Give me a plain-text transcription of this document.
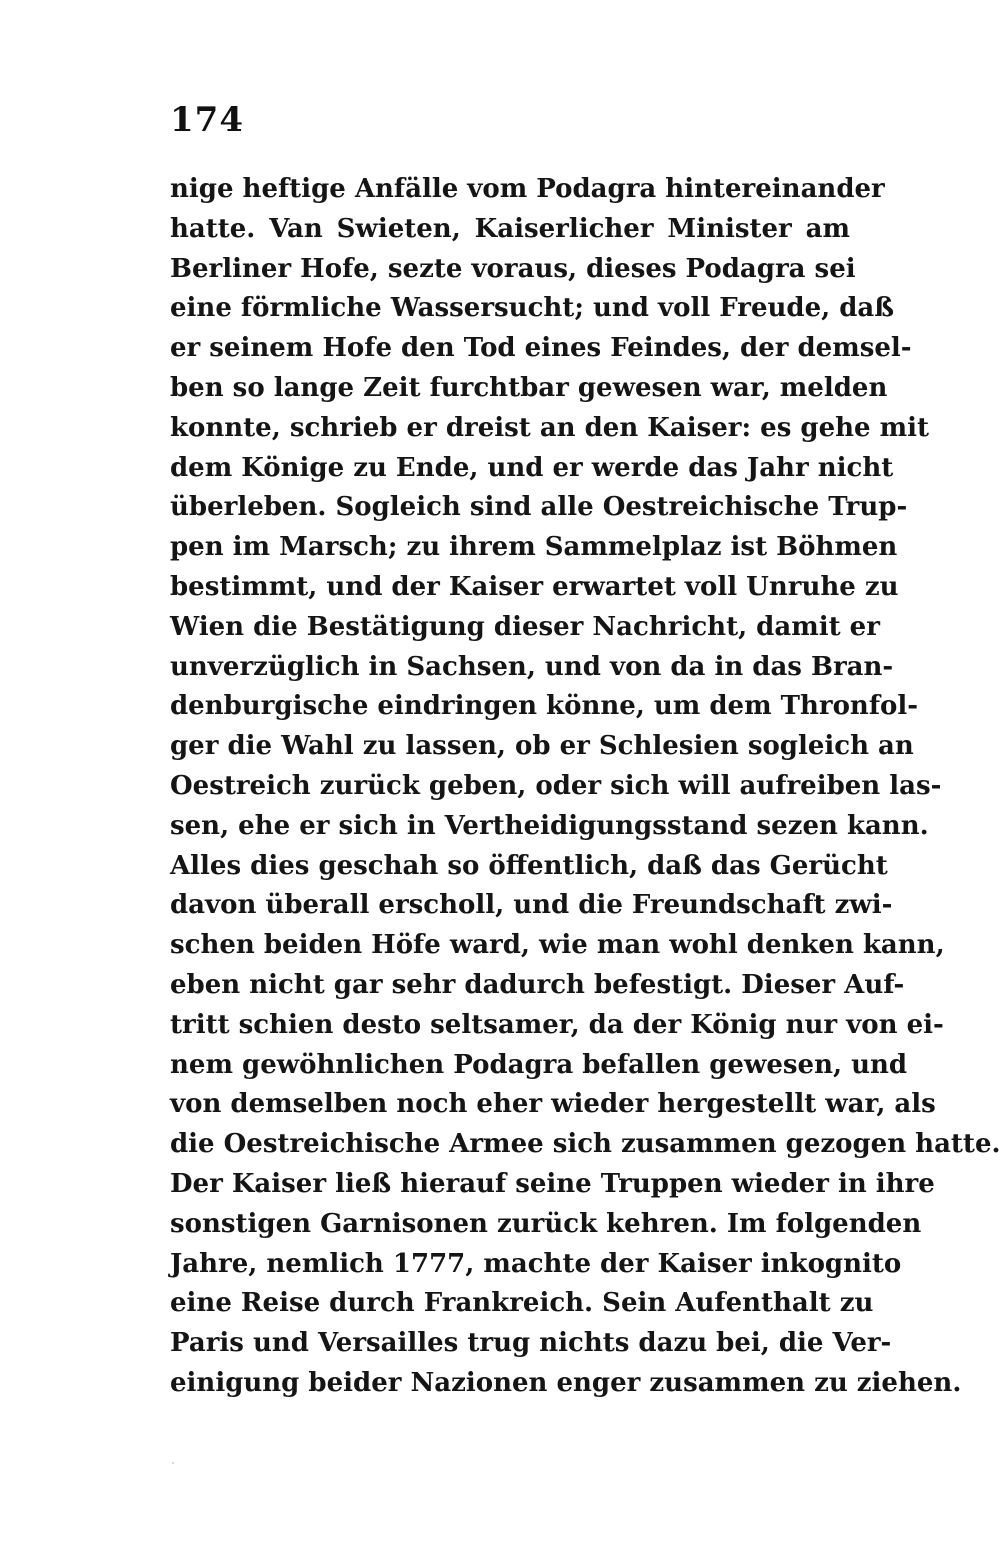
174
nige heftige Anfälle vom Podagra hintereinander
hatte. Van Swieten, Kaiserlicher Minister am
Berliner Hofe, sezte voraus, dieses Podagra sei
eine förmliche Wassersucht; und voll Freude, daß
er seinem Hofe den Tod eines Feindes, der demsel-
ben so lange Zeit furchtbar gewesen war, melden
konnte, schrieb er dreist an den Kaiser: es gehe mit
dem Könige zu Ende, und er werde das Jahr nicht
überleben. Sogleich sind alle Oestreichische Trup-
pen im Marsch; zu ihrem Sammelplaz ist Böhmen
bestimmt, und der Kaiser erwartet voll Unruhe zu
Wien die Bestätigung dieser Nachricht, damit er
unverzüglich in Sachsen, und von da in das Bran-
denburgische eindringen könne, um dem Thronfol-
ger die Wahl zu lassen, ob er Schlesien sogleich an
Oestreich zurück geben, oder sich will aufreiben las-
sen, ehe er sich in Vertheidigungsstand sezen kann.
Alles dies geschah so öffentlich, daß das Gerücht
davon überall erscholl, und die Freundschaft zwi-
schen beiden Höfe ward, wie man wohl denken kann,
eben nicht gar sehr dadurch befestigt. Dieser Auf-
tritt schien desto seltsamer, da der König nur von ei-
nem gewöhnlichen Podagra befallen gewesen, und
von demselben noch eher wieder hergestellt war, als
die Oestreichische Armee sich zusammen gezogen hatte.
Der Kaiser ließ hierauf seine Truppen wieder in ihre
sonstigen Garnisonen zurück kehren. Im folgenden
Jahre, nemlich 1777, machte der Kaiser inkognito
eine Reise durch Frankreich. Sein Aufenthalt zu
Paris und Versailles trug nichts dazu bei, die Ver-
einigung beider Nazionen enger zusammen zu ziehen.
